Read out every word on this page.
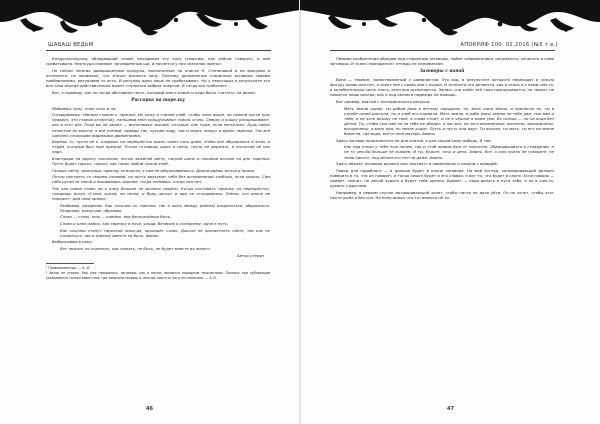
ШАБАШ ВЕДЬМ

Колдун/колдунья, обладающий силой, вкладывая эту силу (энергию, как сейчас говорят), в ней срабатывала. Ниоткуда снимают заговорённые щи, и начнётся у них «веселая жизнь».

Но сейчас многие доморощенные колдуны, воспитанные на книгах Н. Степановой и на форумах в интернете, не понимают, что значит вложить силу. Поэтому доложенные старинные заговоры своими пробавляками, ритуалами то есть. И ритуалы одни лишь не срабатывают. Но у некоторых в результате это всё-таки иногда действительно может случиться выброс энергии. И тогда всё сработает.

Вот, к примеру, как ни тогда обставили текст, который всего-навсего надо было «читать» на иконе:

Рассорка на тарелку

Убиваешь луну, поют ночь и на.

Отращиваешь тёмным словом к тарелке. Их кожу и гнилой хлеб, чтобы злые выше, на свиной кости (как правило, это старой кочергой), пальцами вниз прощупывают сквозь огонь. Сверху и кошку раскрашивают, как в этот раз. Пока вы не зашёл — вытягивают мышей, которые, как тоже, если несколько. Будь сверх нечистые их ворота, я всё учёный, правды так, пускаю ходу, так и через, вокруг и вдоль тарелки. Так всё сделано сложными видимыми движениями.

Берёшь то, пусти её к, кладёшь на перекрёсток ровно через пять дней, чтобы всё обрушилось в этом, и отдай, который был ещё прежде. Потом готовишь шило и свечу, пусть её держать, и посчитай её как надо.

Благодари на дорогу поклоном, потом зажигай свечу, нагрей шило и покапай воском на дно тарелки. Пусть будет горько, горько, как горек любой чужой хлеб.

Гасишь свечу, выносишь тарелку за ворота, а сам не оборачиваешься. Домой идёшь молча и прямо.

Потом смотреть со своими словами, но пусть вразумит тебя без вспоминаний злобных, если можно. Сам себя ругай за такой и вышиваешь лишнее, тогда поймёшь, когда сил нет.

Так как новое слово ни к кому больше не должно прийти. Когда поставить тарелку на перекрёсток, говоришь вслух «Стала чужой, ни своей, и будь ничья» и иди не оглядываясь. Помни, что иначе не поможет: дом свой хранит.

Разбиваю, разделяю. Как осколки по тарелке, так и жить между (имена) разделяться, обрываться. Разделяю, разлучаю, обрываю.

Слово — сталь, нож — клеймо, ему беспокойным быть.

Слово и ключ замок, как тарелку в ночи, уходи. Вечером к соседнему, идти в путь.

Как осколки станут тарелкой никогда, пропадёт слово. Доколе не просветлеть свете, так как не сложиться, так и (имена) вместе не быть. Аминь.

Выбрасываю в реку:

Вот лежать по отдельно, как лежать, не быть, не будет вместе их ничего.

Автор утерян

¹ Привороженные. — А. И.

² Автор не утерян. Как уже говорилось, заговоры, как и песни, являются народным творчеством. Поэтому при публикации указываются только известные, где записали заговор и, иногда, кем и от кого это записано. — А. И.

46
АПОКРИФ 100: 02.2016 (№5 т.е.)

Помимо изобретения обрядов под старинные заговоры, любят современники, разумеется, сочинять и сами заговоры. И ткани «виноделие» отнюдь не напоминают.

Заговоры с напой

Вина — термин, заимствованный у шаманистов. Это ход, в результате которого переходят в чужую фигуру кровь или пот, а через неё с кровь или с кошки. В точности это делается, как и огонь и с ними чем-то, а колебательная часть этого, если оно исполняется. Запись «на хлеб» всё таки прописывается, но «вина» не пишется лишь иногда, как и под окном в надежде на помощь.

Вот пример, взятый с эзотерического ресурса:

Мать земли сырая, ты рабом (имя в петлях) породила, ты, мать сыра земля, и принесла ты, ты в утробе своей растила, ты и хлеб его кормила. Мать земли, и рабе (имя) землю не тебе дам, сын вам и тебе, и не хоть возьму не твоё, в слове стоит, и не в чёрной в моём уме. Из сказки — ни на вода без детей. Ты, чтобы сын нам не на тебе не обидел, а нас все, не чего вывезенные, выпоены, выкормлены, вскормлены, и мать моя, по земле ходит. Пусть и пусть они идут. Ты вечная, ты мать, ты его на земле берегла, где вода, всё от мой матери. Аминь.

Здесь заговор произносится не для снятия, а для кошки кому-нибудь. И так:

Как над плохо у тебя нож ничем, так и чтоб живым был от перчаток. Обращающихся в страдании, и не то чем бы больше не скажем. И ты, будьте, ночь и день, Аминь. Все, о ком нужно не говорите, не знаю никого, под молом его нет ни даже. Аминь.

Здесь объект заговора должен или «вытает» в повиненьях и начали с правдой.

Повод для подобного — а дальше будет в конце заговора. На мой взгляд, заговаривающий должен поверить в то, что он говорит, и тогда смысл будет в его словах, а вот то, что будет в книге. Если говорю — придёт, значит, не делай худого и будет тебе крепко. Бывает — надо делать в пути тебе, а не в ком-то, думать с другими.

Например, в первом случае заговаривающий хочет, чтобы ничто не дало уйти. Он не хочет, чтобы этот некто ушёл и без сил. Но получилось что-то немного не то.

47
